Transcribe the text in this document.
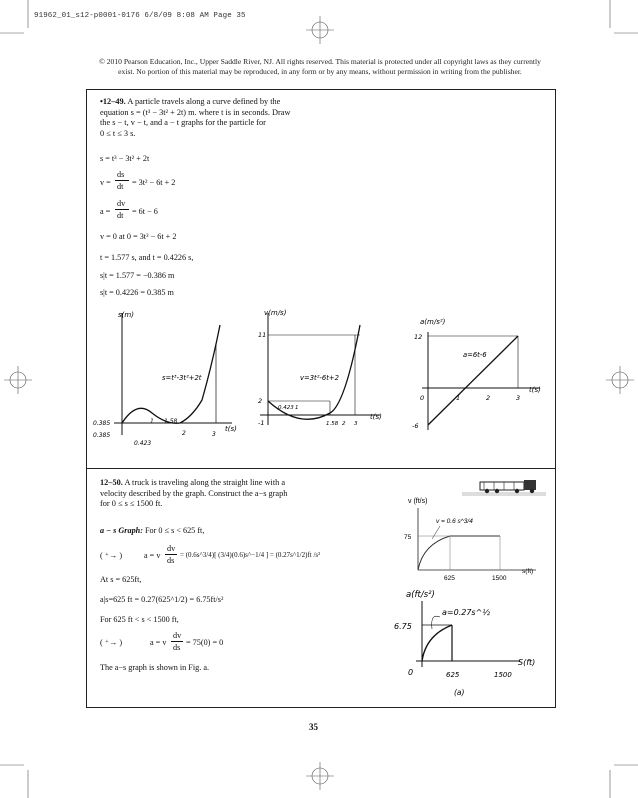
91962_01_s12-p0001-0176 6/8/09 8:08 AM Page 35
© 2010 Pearson Education, Inc., Upper Saddle River, NJ. All rights reserved. This material is protected under all copyright laws as they currently
exist. No portion of this material may be reproduced, in any form or by any means, without permission in writing from the publisher.
•12–49. A particle travels along a curve defined by the
equation s = (t³ − 3t² + 2t) m. where t is in seconds. Draw
the s − t, v − t, and a − t graphs for the particle for
0 ≤ t ≤ 3 s.
s = t³ − 3t² + 2t
v =
ds
dt = 3t² − 6t + 2
a =
dv
dt = 6t − 6
v = 0 at 0 = 3t² − 6t + 2
t = 1.577 s, and t = 0.4226 s,
s|t = 1.577 = −0.386 m
s|t = 0.4226 = 0.385 m
s(m)
t(s)
s=t³-3t²+2t
0.385
0.385
1 1.58
2	3
0.423
v(m/s)
t(s)
v=3t²-6t+2
11
2
-1
0.423 1
1.58 2 3
a(m/s²)
t(s)
a=6t-6
12
0	1	2	3
-6
12–50. A truck is traveling along the straight line with a
velocity described by the graph. Construct the a−s graph
for 0 ≤ s ≤ 1500 ft.
a − s Graph: For 0 ≤ s < 625 ft,
( ⁺→ )	a = v
dv
ds
= (0.6s^3/4)[ (3/4)(0.6)s^−1/4 ] = (0.27s^1/2)ft /s²
At s = 625ft,
a|s=625 ft = 0.27(625^1/2) = 6.75ft/s²
For 625 ft < s < 1500 ft,
( ⁺→ )	a = v
dv
ds
= 75(0) = 0
The a−s graph is shown in Fig. a.
v (ft/s)
v = 0.6 s^3/4
75
625	1500
s(ft)
a(ft/s²)
a=0.27s^½
6.75
0	625	1500
S(ft)
(a)
35
